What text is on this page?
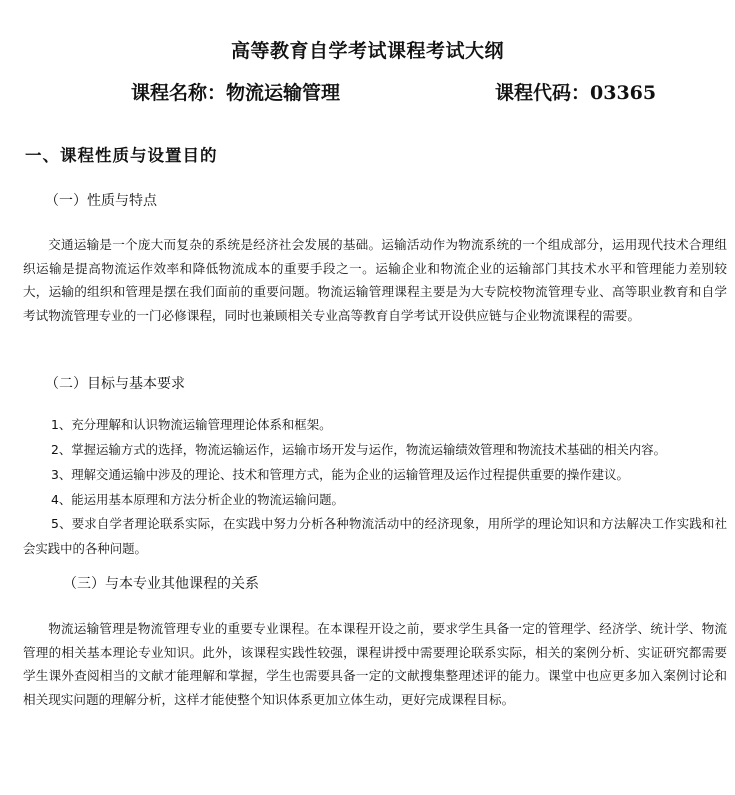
高等教育自学考试课程考试大纲
课程名称：物流运输管理	课程代码：03365
一、课程性质与设置目的
（一）性质与特点

交通运输是一个庞大而复杂的系统是经济社会发展的基础。运输活动作为物流系统的一个组成部分，运用现代技术合理组织运输是提高物流运作效率和降低物流成本的重要手段之一。运输企业和物流企业的运输部门其技术水平和管理能力差别较大，运输的组织和管理是摆在我们面前的重要问题。物流运输管理课程主要是为大专院校物流管理专业、高等职业教育和自学考试物流管理专业的一门必修课程，同时也兼顾相关专业高等教育自学考试开设供应链与企业物流课程的需要。

（二）目标与基本要求

1、充分理解和认识物流运输管理理论体系和框架。

2、掌握运输方式的选择，物流运输运作，运输市场开发与运作，物流运输绩效管理和物流技术基础的相关内容。

3、理解交通运输中涉及的理论、技术和管理方式，能为企业的运输管理及运作过程提供重要的操作建议。

4、能运用基本原理和方法分析企业的物流运输问题。

5、要求自学者理论联系实际，在实践中努力分析各种物流活动中的经济现象，用所学的理论知识和方法解决工作实践和社会实践中的各种问题。

（三）与本专业其他课程的关系

物流运输管理是物流管理专业的重要专业课程。在本课程开设之前，要求学生具备一定的管理学、经济学、统计学、物流管理的相关基本理论专业知识。此外，该课程实践性较强，课程讲授中需要理论联系实际，相关的案例分析、实证研究都需要学生课外查阅相当的文献才能理解和掌握，学生也需要具备一定的文献搜集整理述评的能力。课堂中也应更多加入案例讨论和相关现实问题的理解分析，这样才能使整个知识体系更加立体生动，更好完成课程目标。
